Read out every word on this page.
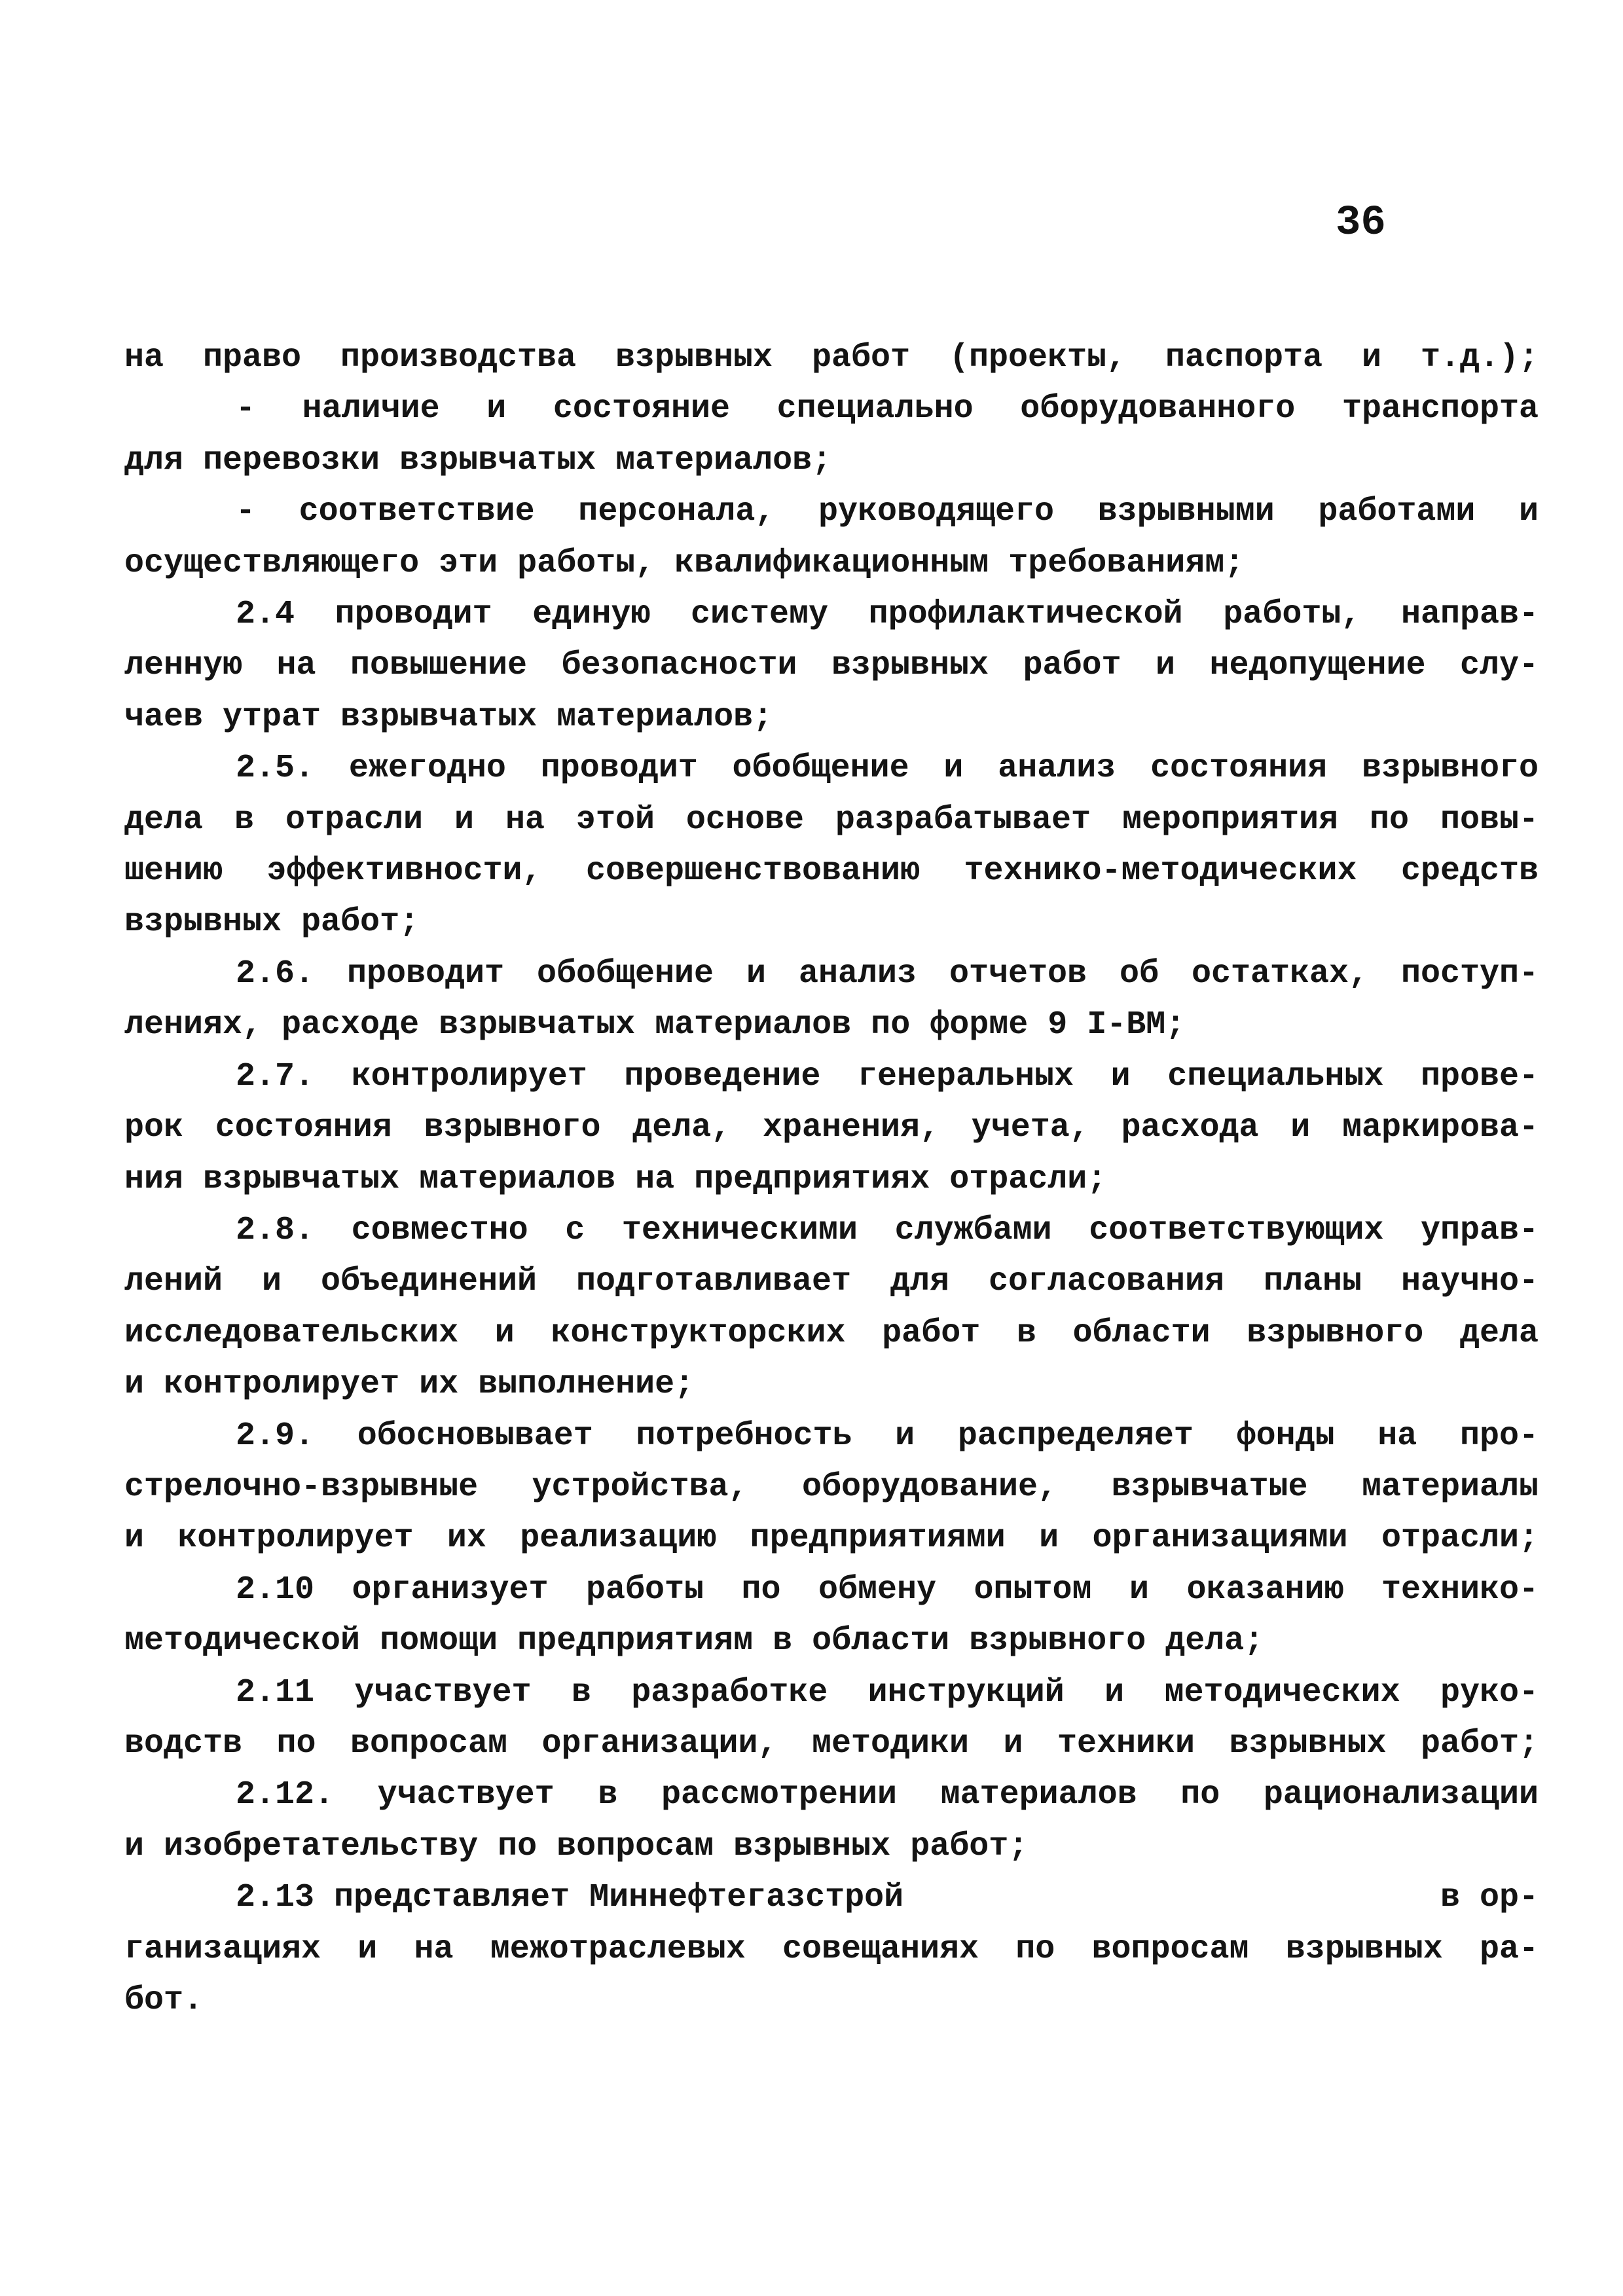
36
на право производства взрывных работ (проекты, паспорта и т.д.);
- наличие и состояние специально оборудованного транспорта
для перевозки взрывчатых материалов;
- соответствие персонала, руководящего взрывными работами и
осуществляющего эти работы, квалификационным требованиям;
2.4 проводит единую систему профилактической работы, направ-
ленную на повышение безопасности взрывных работ и недопущение слу-
чаев утрат взрывчатых материалов;
2.5. ежегодно проводит обобщение и анализ состояния взрывного
дела в отрасли и на этой основе разрабатывает мероприятия по повы-
шению эффективности, совершенствованию технико-методических средств
взрывных работ;
2.6. проводит обобщение и анализ отчетов об остатках, поступ-
лениях, расходе взрывчатых материалов по форме 9 І-ВМ;
2.7. контролирует проведение генеральных и специальных прове-
рок состояния взрывного дела, хранения, учета, расхода и маркирова-
ния взрывчатых материалов на предприятиях отрасли;
2.8. совместно с техническими службами соответствующих управ-
лений и объединений подготавливает для согласования планы научно-
исследовательских и конструкторских работ в области взрывного дела
и контролирует их выполнение;
2.9. обосновывает потребность и распределяет фонды на про-
стрелочно-взрывные устройства, оборудование, взрывчатые материалы
и контролирует их реализацию предприятиями и организациями отрасли;
2.10 организует работы по обмену опытом и оказанию технико-
методической помощи предприятиям в области взрывного дела;
2.11 участвует в разработке инструкций и методических руко-
водств по вопросам организации, методики и техники взрывных работ;
2.12. участвует в рассмотрении материалов по рационализации
и изобретательству по вопросам взрывных работ;
2.13 представляет Миннефтегазстрой	в ор-
ганизациях и на межотраслевых совещаниях по вопросам взрывных ра-
бот.
